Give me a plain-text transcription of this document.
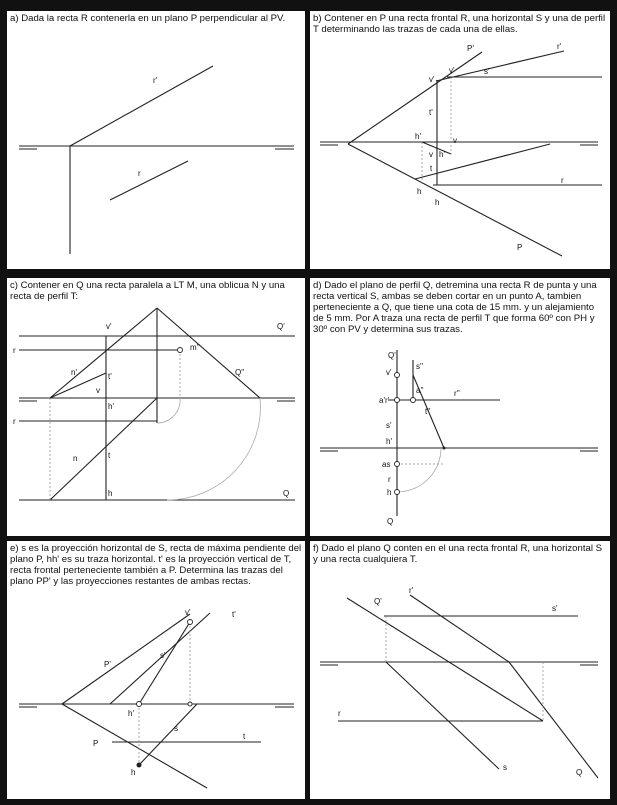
a) Dada la recta R contenerla en un plano P perpendicular al PV.

r'
r

b) Contener en P una recta frontal R, una horizontal S y una de perfil T determinando las trazas de cada una de ellas.

P'	r'
v'
v'	s'
t'
h'	v
v h'
t
r
h
h
P

c) Contener en Q una recta paralela a LT M, una oblicua N y una recta de perfil T:

v'	Q'
r	m''
n'	t'	Q''
v
h'
r
n	t
h	Q

d) Dado el plano de perfil Q, detremina una recta R de punta y una recta vertical S, ambas se deben cortar en un punto A, tambien perteneciente a Q, que tiene una cota de 15 mm. y un alejamiento de 5 mm. Por A traza una recta de perfil T que forma 60º con PH y 30º con PV y determina sus trazas.

Q'
s''
v'
a''	r''
a'r'
t''
s'
h'
as
r
h
Q

e) s es la proyección horizontal de S, recta de máxima pendiente del plano P, hh' es su traza horizontal. t' es la proyección vertical de T, recta frontal perteneciente también a P. Determina las trazas del plano PP' y las proyecciones restantes de ambas rectas.

v'	t'
s'
P'
h'
s
P
t
h

f) Dado el plano Q conten en el una recta frontal R, una horizontal S y una recta cualquiera T.

r'
Q'
s'
r
s
Q
